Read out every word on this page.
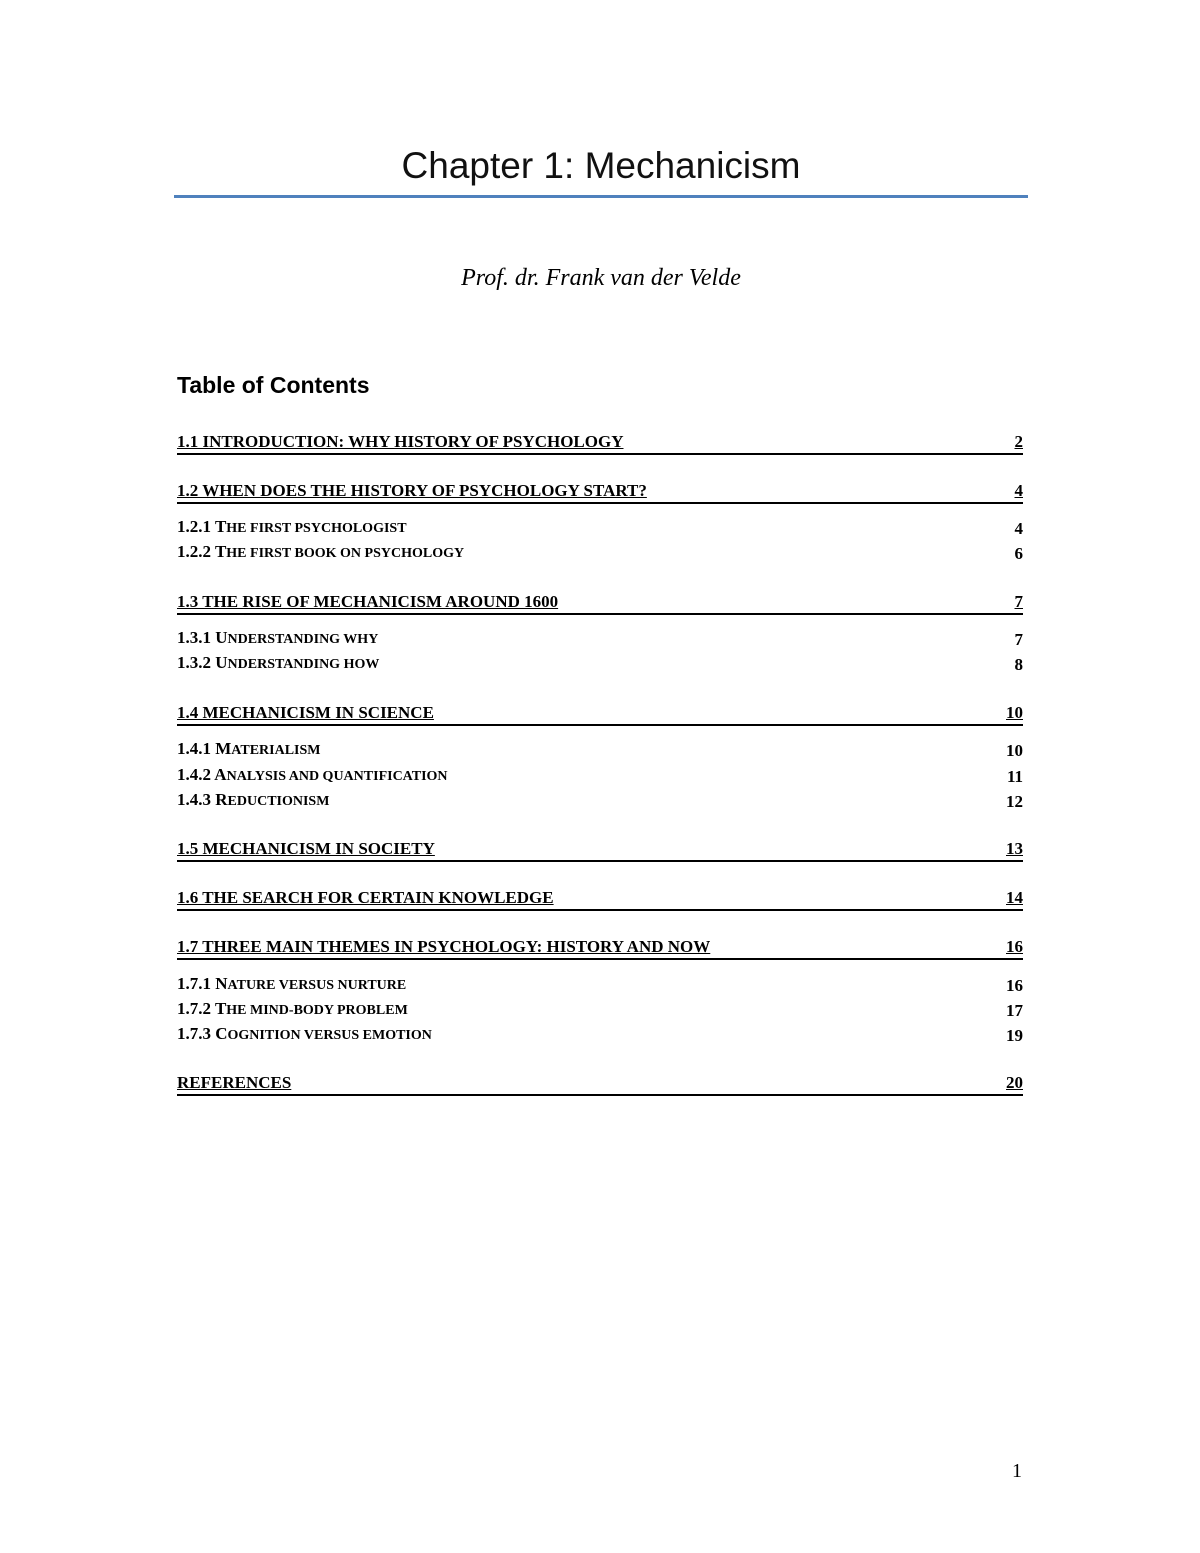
Chapter 1: Mechanicism
Prof. dr. Frank van der Velde
Table of Contents
1.1 INTRODUCTION: WHY HISTORY OF PSYCHOLOGY	2
1.2 WHEN DOES THE HISTORY OF PSYCHOLOGY START?	4
1.2.1 THE FIRST PSYCHOLOGIST	4
1.2.2 THE FIRST BOOK ON PSYCHOLOGY	6
1.3 THE RISE OF MECHANICISM AROUND 1600	7
1.3.1 UNDERSTANDING WHY	7
1.3.2 UNDERSTANDING HOW	8
1.4 MECHANICISM IN SCIENCE	10
1.4.1 MATERIALISM	10
1.4.2 ANALYSIS AND QUANTIFICATION	11
1.4.3 REDUCTIONISM	12
1.5 MECHANICISM IN SOCIETY	13
1.6 THE SEARCH FOR CERTAIN KNOWLEDGE	14
1.7 THREE MAIN THEMES IN PSYCHOLOGY: HISTORY AND NOW	16
1.7.1 NATURE VERSUS NURTURE	16
1.7.2 THE MIND-BODY PROBLEM	17
1.7.3 COGNITION VERSUS EMOTION	19
REFERENCES	20
1
